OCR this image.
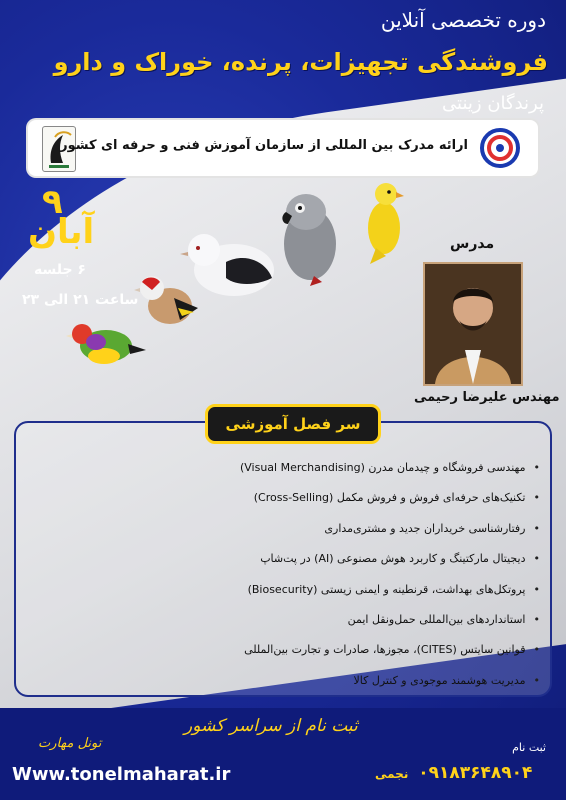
دوره تخصصی آنلاین
فروشندگی تجهیزات، پرنده، خوراک و دارو
پرندگان زینتی
ارائه مدرک بین المللی از سازمان آموزش فنی و حرفه ای کشور
۹
آبان
۶ جلسه
ساعت ۲۱ الی ۲۳
مدرس
مهندس علیرضا رحیمی
سر فصل آموزشی
• مهندسی فروشگاه و چیدمان مدرن (Visual Merchandising)
• تکنیک‌های حرفه‌ای فروش و فروش مکمل (Cross-Selling)
• رفتارشناسی خریداران جدید و مشتری‌مداری
• دیجیتال مارکتینگ و کاربرد هوش مصنوعی (AI) در پت‌شاپ
• پروتکل‌های بهداشت، قرنطینه و ایمنی زیستی (Biosecurity)
• استانداردهای بین‌المللی حمل‌ونقل ایمن
• قوانین سایتس (CITES)، مجوزها، صادرات و تجارت بین‌المللی
• مدیریت هوشمند موجودی و کنترل کالا
ثبت نام از سراسر کشور
تونل مهارت	ثبت نام
Www.tonelmaharat.ir	۰۹۱۸۳۶۴۸۹۰۴ نجمی
